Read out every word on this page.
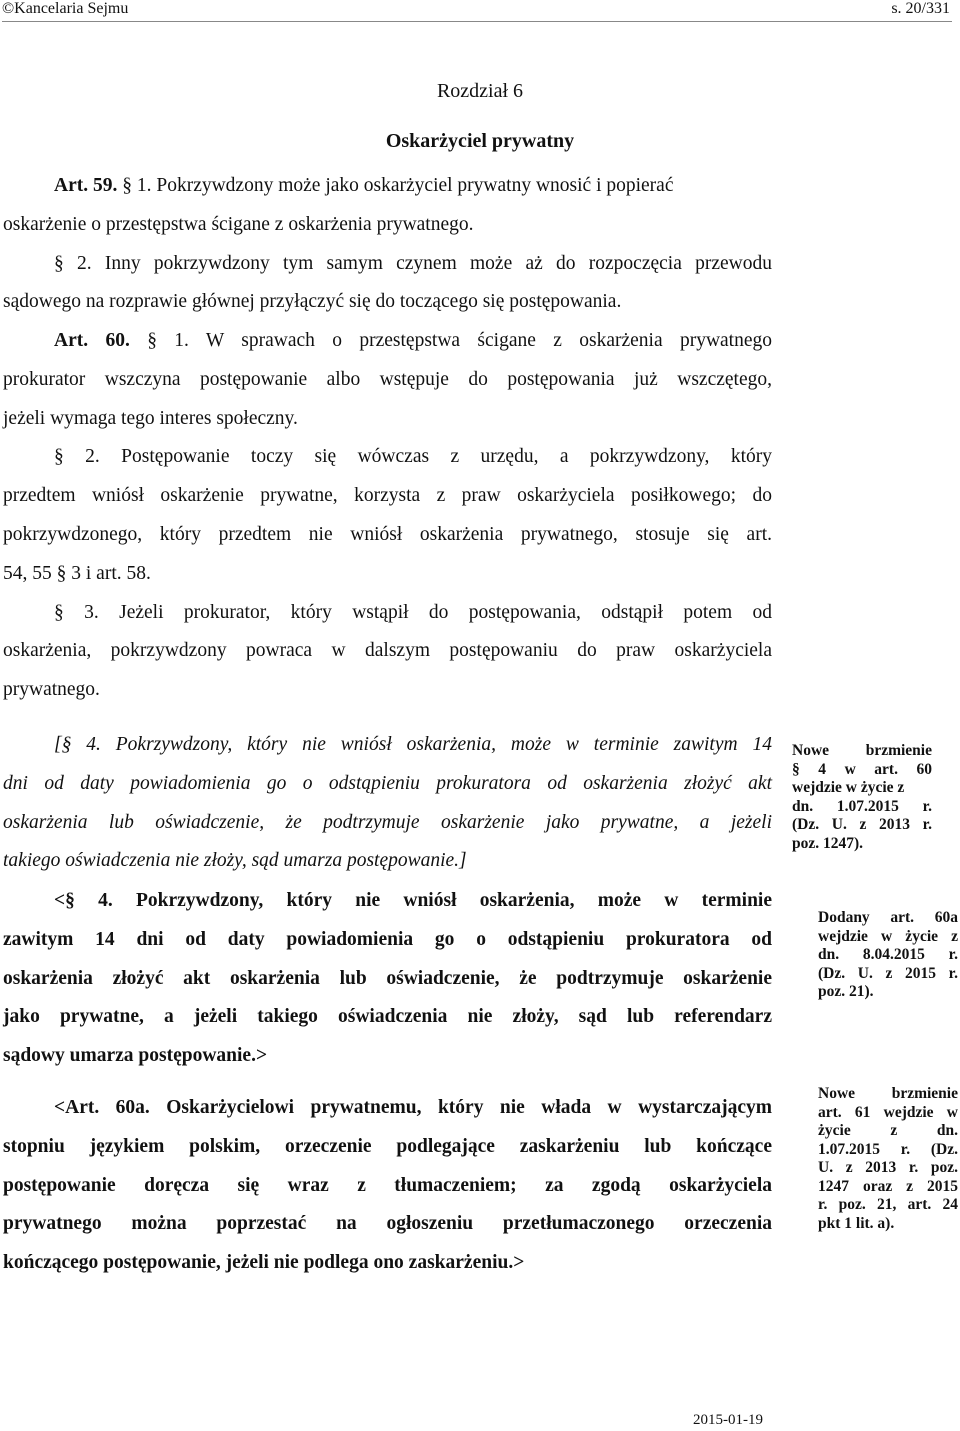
©Kancelaria Sejmu	s. 20/331
Rozdział 6
Oskarżyciel prywatny
Art. 59. § 1. Pokrzywdzony może jako oskarżyciel prywatny wnosić i popierać
oskarżenie o przestępstwa ścigane z oskarżenia prywatnego.
§ 2. Inny pokrzywdzony tym samym czynem może aż do rozpoczęcia przewodu
sądowego na rozprawie głównej przyłączyć się do toczącego się postępowania.
Art. 60. § 1. W sprawach o przestępstwa ścigane z oskarżenia prywatnego
prokurator wszczyna postępowanie albo wstępuje do postępowania już wszczętego,
jeżeli wymaga tego interes społeczny.
§ 2. Postępowanie toczy się wówczas z urzędu, a pokrzywdzony, który
przedtem wniósł oskarżenie prywatne, korzysta z praw oskarżyciela posiłkowego; do
pokrzywdzonego, który przedtem nie wniósł oskarżenia prywatnego, stosuje się art.
54, 55 § 3 i art. 58.
§ 3. Jeżeli prokurator, który wstąpił do postępowania, odstąpił potem od
oskarżenia, pokrzywdzony powraca w dalszym postępowaniu do praw oskarżyciela
prywatnego.
[§ 4. Pokrzywdzony, który nie wniósł oskarżenia, może w terminie zawitym 14
dni od daty powiadomienia go o odstąpieniu prokuratora od oskarżenia złożyć akt
oskarżenia lub oświadczenie, że podtrzymuje oskarżenie jako prywatne, a jeżeli
takiego oświadczenia nie złoży, sąd umarza postępowanie.]
<§ 4. Pokrzywdzony, który nie wniósł oskarżenia, może w terminie
zawitym 14 dni od daty powiadomienia go o odstąpieniu prokuratora od
oskarżenia złożyć akt oskarżenia lub oświadczenie, że podtrzymuje oskarżenie
jako prywatne, a jeżeli takiego oświadczenia nie złoży, sąd lub referendarz
sądowy umarza postępowanie.>
<Art. 60a. Oskarżycielowi prywatnemu, który nie włada w wystarczającym
stopniu językiem polskim, orzeczenie podlegające zaskarżeniu lub kończące
postępowanie doręcza się wraz z tłumaczeniem; za zgodą oskarżyciela
prywatnego można poprzestać na ogłoszeniu przetłumaczonego orzeczenia
kończącego postępowanie, jeżeli nie podlega ono zaskarżeniu.>
Nowe brzmienie
§ 4 w art. 60
wejdzie w życie z
dn. 1.07.2015 r.
(Dz. U. z 2013 r.
poz. 1247).
Dodany art. 60a
wejdzie w życie z
dn. 8.04.2015 r.
(Dz. U. z 2015 r.
poz. 21).
Nowe brzmienie
art. 61 wejdzie w
życie z dn.
1.07.2015 r. (Dz.
U. z 2013 r. poz.
1247 oraz z 2015
r. poz. 21, art. 24
pkt 1 lit. a).
2015-01-19
